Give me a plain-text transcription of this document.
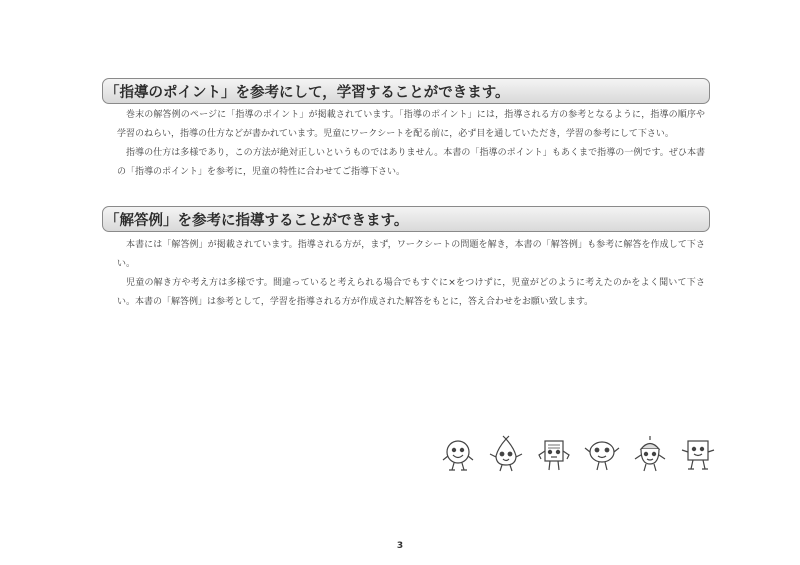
「指導のポイント」を参考にして，学習することができます。

巻末の解答例のページに「指導のポイント」が掲載されています。「指導のポイント」には，指導される方の参考となるように，指導の順序や学習のねらい，指導の仕方などが書かれています。児童にワークシートを配る前に，必ず目を通していただき，学習の参考にして下さい。

指導の仕方は多様であり，この方法が絶対正しいというものではありません。本書の「指導のポイント」もあくまで指導の一例です。ぜひ本書の「指導のポイント」を参考に，児童の特性に合わせてご指導下さい。

「解答例」を参考に指導することができます。

本書には「解答例」が掲載されています。指導される方が，まず，ワークシートの問題を解き，本書の「解答例」も参考に解答を作成して下さい。

児童の解き方や考え方は多様です。間違っていると考えられる場合でもすぐに×をつけずに，児童がどのように考えたのかをよく聞いて下さい。本書の「解答例」は参考として，学習を指導される方が作成された解答をもとに，答え合わせをお願い致します。

3
